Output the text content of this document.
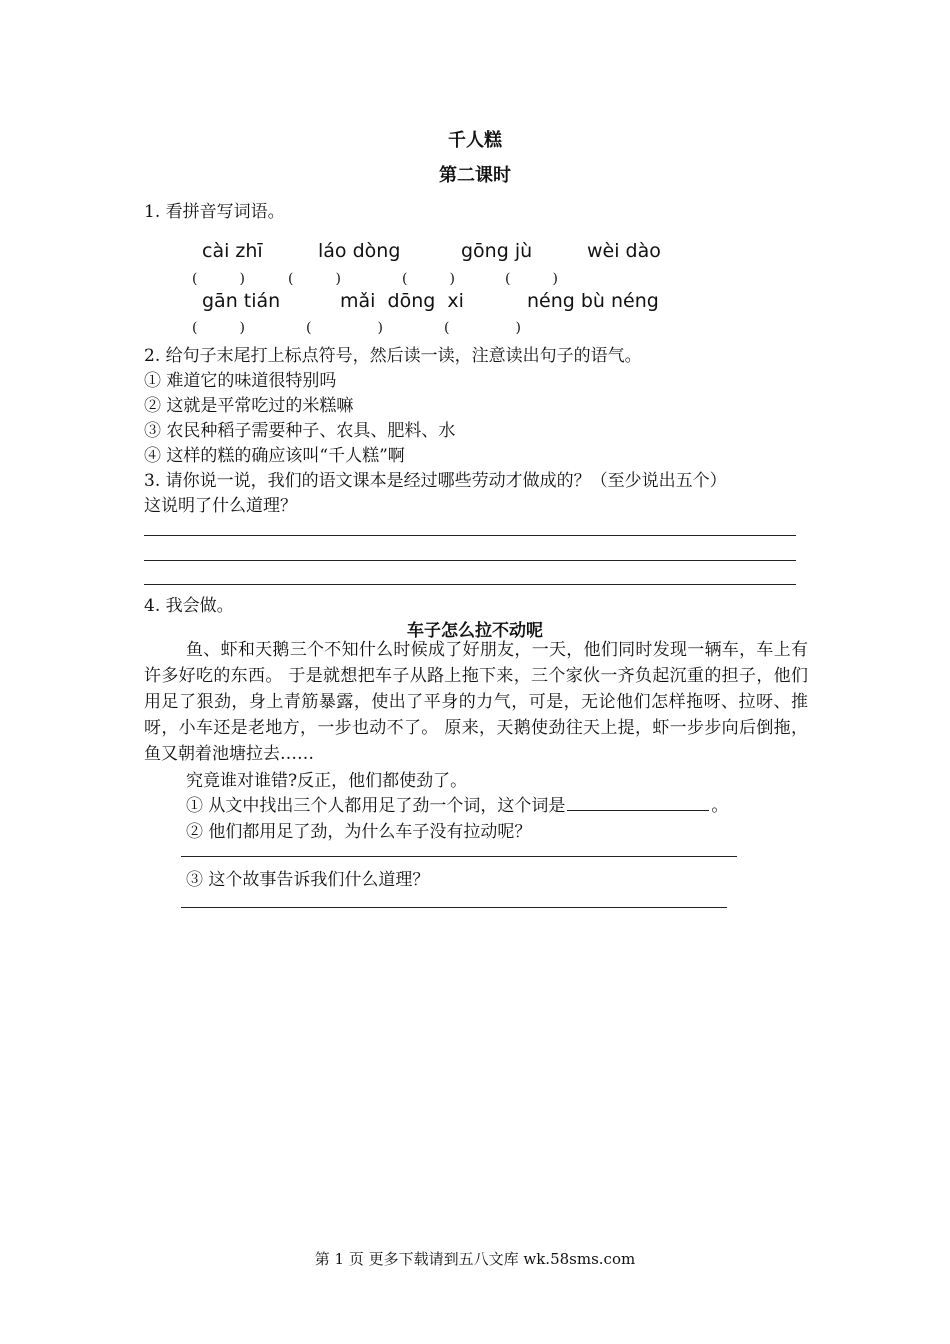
千人糕
第二课时
1. 看拼音写词语。
cài zhī	láo dòng	gōng jù	wèi dào
(　　　)	(　　　)	(　　　)	(　　　)
gān tián	mǎi  dōng  xi	néng bù néng
(　　　)	(　　　)	(　　　)
2. 给句子末尾打上标点符号，然后读一读，注意读出句子的语气。
① 难道它的味道很特别吗
② 这就是平常吃过的米糕嘛
③ 农民种稻子需要种子、农具、肥料、水
④ 这样的糕的确应该叫“千人糕”啊
3. 请你说一说，我们的语文课本是经过哪些劳动才做成的？（至少说出五个）
这说明了什么道理？
4. 我会做。
车子怎么拉不动呢
鱼、虾和天鹅三个不知什么时候成了好朋友，一天，他们同时发现一辆车，车上有许多好吃的东西。 于是就想把车子从路上拖下来，三个家伙一齐负起沉重的担子，他们用足了狠劲，身上青筋暴露，使出了平身的力气，可是，无论他们怎样拖呀、拉呀、推呀，小车还是老地方，一步也动不了。 原来，天鹅使劲往天上提，虾一步步向后倒拖，鱼又朝着池塘拉去……
究竟谁对谁错?反正，他们都使劲了。
① 从文中找出三个人都用足了劲一个词，这个词是	。
② 他们都用足了劲，为什么车子没有拉动呢？
③ 这个故事告诉我们什么道理？
第 1 页 更多下载请到五八文库 wk.58sms.com
